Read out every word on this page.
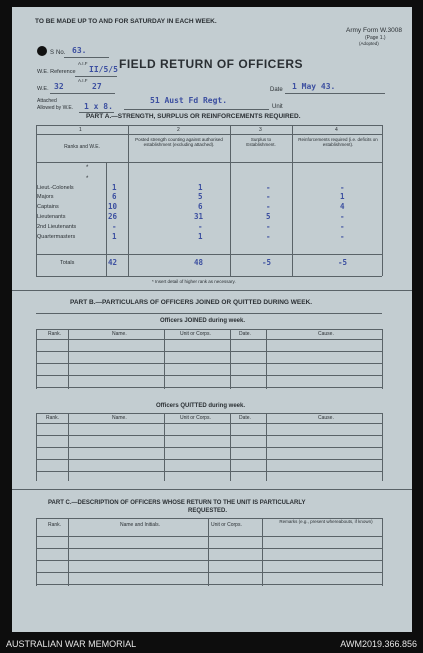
TO BE MADE UP TO AND FOR SATURDAY IN EACH WEEK.
Army Form W.3008
(Page 1.)
(Adopted)
S No. 63.
W.E. Reference
A.I.F
II/5/5 FIELD RETURN OF OFFICERS
W.E. 32
A.I.F
27	Date 1 May 43.
Attached
Allowed by W.E. 1 x 8.
51 Aust Fd Regt.
Unit
PART A.—STRENGTH, SURPLUS OR REINFORCEMENTS REQUIRED.
1	2	3	4
Ranks and W.E.
Posted strength counting against authorised establishment (excluding attached).
Surplus to Establishment.
Reinforcements required (i.e. deficits on establishment).
*
*
Lieut.-Colonels	1	1	-	-
Majors	6	5	-	1
Captains	10	6	-	4
Lieutenants	26	31	5	-
2nd Lieutenants	-	-	-	-
Quartermasters	1	1	-	-
Totals	42	48	-5	-5
* Insert detail of higher rank as necessary.
PART B.—PARTICULARS OF OFFICERS JOINED OR QUITTED DURING WEEK.
Officers JOINED during week.
Rank.	Name.	Unit or Corps.	Date.	Cause.
Officers QUITTED during week.
Rank.	Name.	Unit or Corps.	Date.	Cause.
PART C.—DESCRIPTION OF OFFICERS WHOSE RETURN TO THE UNIT IS PARTICULARLY
REQUESTED.
Rank.	Name and Initials.	Unit or Corps.
Remarks (e.g., present whereabouts, if known)
AUSTRALIAN WAR MEMORIAL	AWM2019.366.856
